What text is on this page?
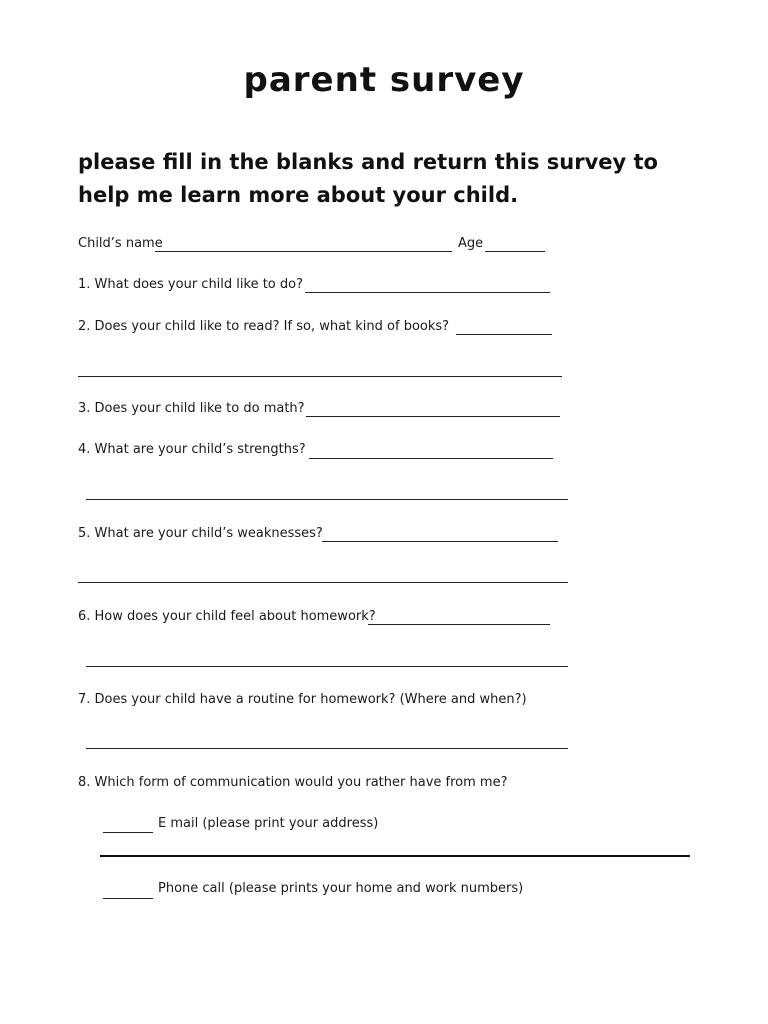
parent survey
please fill in the blanks and return this survey to
help me learn more about your child.
Child’s name	Age
1. What does your child like to do?
2. Does your child like to read? If so, what kind of books?
3. Does your child like to do math?
4. What are your child’s strengths?
5. What are your child’s weaknesses?
6. How does your child feel about homework?
7. Does your child have a routine for homework? (Where and when?)
8. Which form of communication would you rather have from me?
E mail (please print your address)
Phone call (please prints your home and work numbers)
